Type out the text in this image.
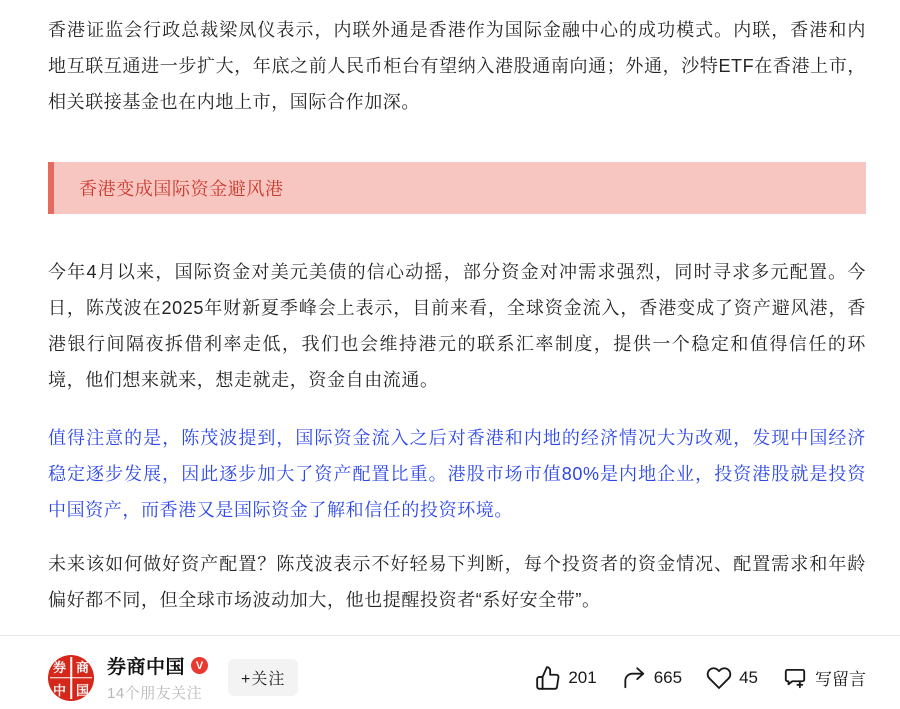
香港证监会行政总裁梁凤仪表示，内联外通是香港作为国际金融中心的成功模式。内联，香港和内地互联互通进一步扩大，年底之前人民币柜台有望纳入港股通南向通；外通，沙特ETF在香港上市，相关联接基金也在内地上市，国际合作加深。

香港变成国际资金避风港

今年4月以来，国际资金对美元美债的信心动摇，部分资金对冲需求强烈，同时寻求多元配置。今日，陈茂波在2025年财新夏季峰会上表示，目前来看，全球资金流入，香港变成了资产避风港，香港银行间隔夜拆借利率走低，我们也会维持港元的联系汇率制度，提供一个稳定和值得信任的环境，他们想来就来，想走就走，资金自由流通。

值得注意的是，陈茂波提到，国际资金流入之后对香港和内地的经济情况大为改观，发现中国经济稳定逐步发展，因此逐步加大了资产配置比重。港股市场市值80%是内地企业，投资港股就是投资中国资产，而香港又是国际资金了解和信任的投资环境。

未来该如何做好资产配置？陈茂波表示不好轻易下判断，每个投资者的资金情况、配置需求和年龄偏好都不同，但全球市场波动加大，他也提醒投资者“系好安全带”。

券 商
中 国
券商中国 V
14个朋友关注
+关注	201	665	45	写留言
